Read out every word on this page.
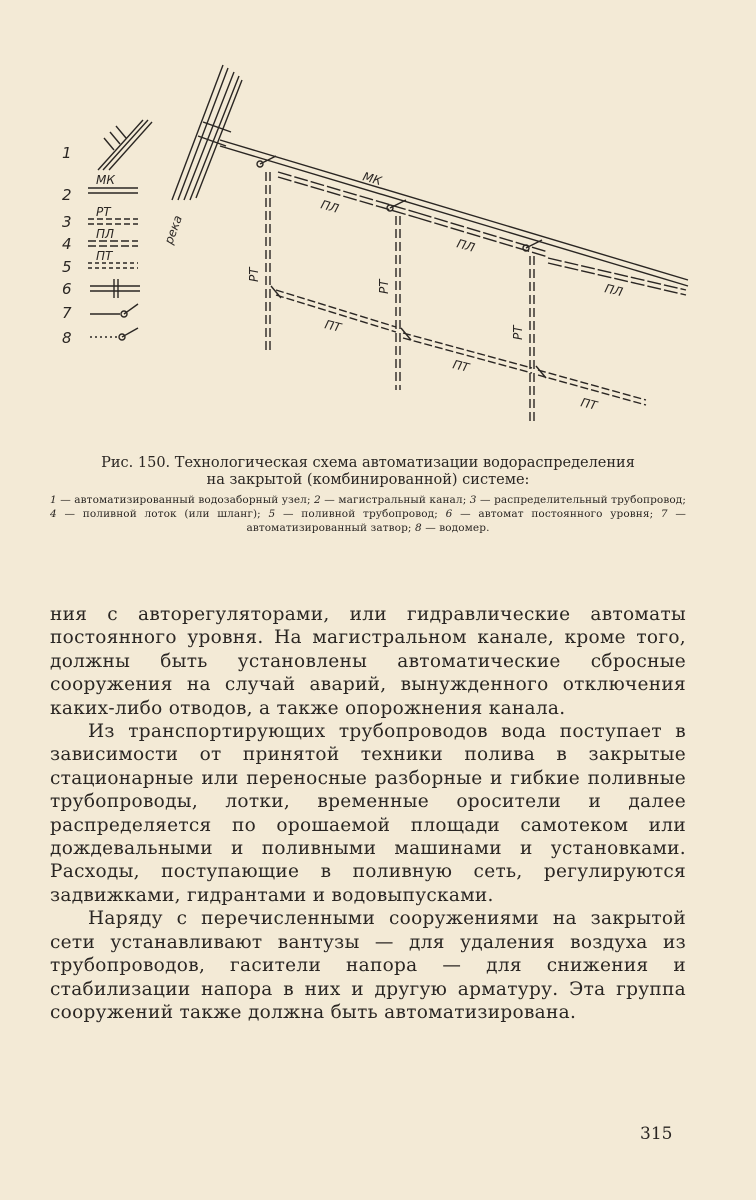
1
2
3
4
5
6
7
8
МК
РТ
ПЛ
ПТ
река
МК
ПЛ
ПЛ
ПЛ
РТ
РТ
РТ
ПТ
ПТ
ПТ

Рис. 150. Технологическая схема автоматизации водораспределения
на закрытой (комбинированной) системе:

1 — автоматизированный водозаборный узел; 2 — магистральный канал; 3 — распределительный трубопровод; 4 — поливной лоток (или шланг); 5 — поливной трубопровод; 6 — автомат постоянного уровня; 7 — автоматизированный затвор; 8 — водомер.

ния с авторегуляторами, или гидравлические автоматы постоянного уровня. На магистральном канале, кроме того, должны быть установлены автоматические сбросные сооружения на случай аварий, вынужденного отключения каких-либо отводов, а также опорожнения канала.

Из транспортирующих трубопроводов вода поступает в зависимости от принятой техники полива в закрытые стационарные или переносные разборные и гибкие поливные трубопроводы, лотки, временные оросители и далее распределяется по орошаемой площади самотеком или дождевальными и поливными машинами и установками. Расходы, поступающие в поливную сеть, регулируются задвижками, гидрантами и водовыпусками.

Наряду с перечисленными сооружениями на закрытой сети устанавливают вантузы — для удаления воздуха из трубопроводов, гасители напора — для снижения и стабилизации напора в них и другую арматуру. Эта группа сооружений также должна быть автоматизирована.

315
